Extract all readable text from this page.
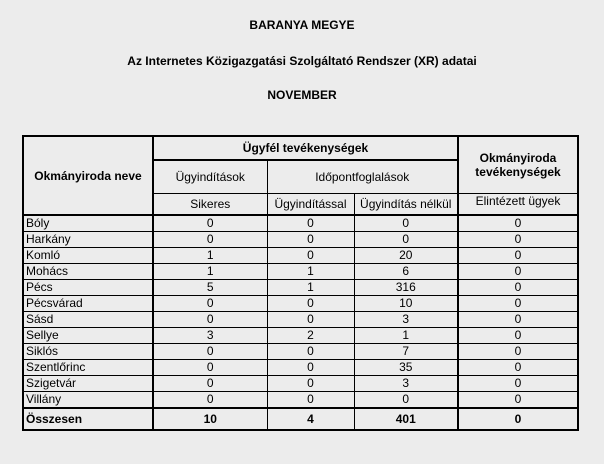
BARANYA MEGYE
Az Internetes Közigazgatási Szolgáltató Rendszer (XR) adatai
NOVEMBER
Okmányiroda neve	Ügyfél tevékenységek			Okmányiroda tevékenységek
	Ügyindítások	Időpontfoglalások		
	Sikeres	Ügyindítással	Ügyindítás nélkül	Elintézett ügyek
Bóly	0	0	0	0
Harkány	0	0	0	0
Komló	1	0	20	0
Mohács	1	1	6	0
Pécs	5	1	316	0
Pécsvárad	0	0	10	0
Sásd	0	0	3	0
Sellye	3	2	1	0
Siklós	0	0	7	0
Szentlőrinc	0	0	35	0
Szigetvár	0	0	3	0
Villány	0	0	0	0
Összesen	10	4	401	0
